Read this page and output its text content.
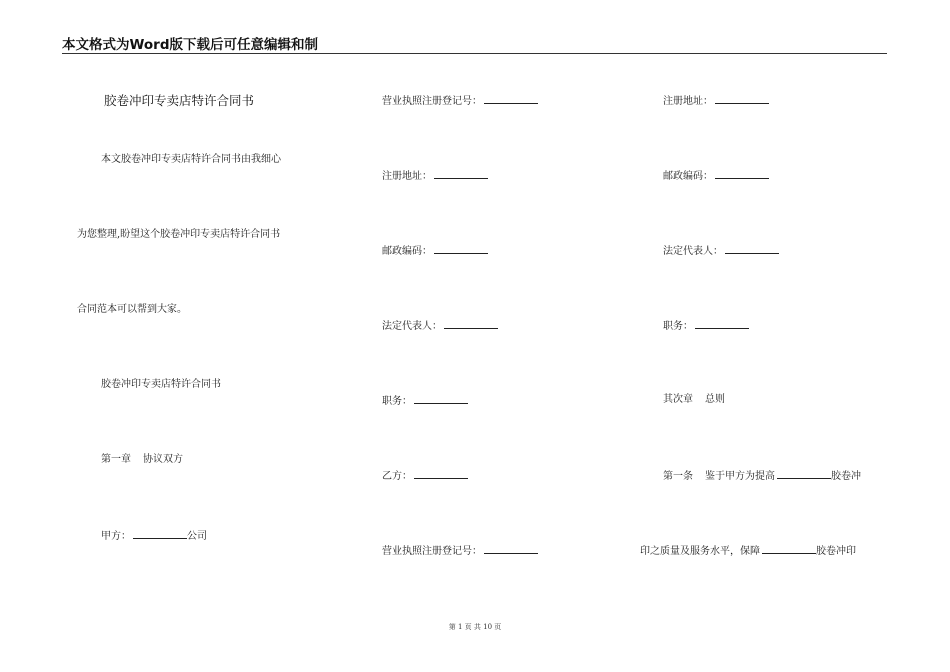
本文格式为Word版下载后可任意编辑和制
胶卷冲印专卖店特许合同书
本文胶卷冲印专卖店特许合同书由我细心
为您整理,盼望这个胶卷冲印专卖店特许合同书
合同范本可以帮到大家。
胶卷冲印专卖店特许合同书
第一章 协议双方
甲方：	公司
营业执照注册登记号：
注册地址：
邮政编码：
法定代表人：
职务：
乙方：
营业执照注册登记号：
注册地址：
邮政编码：
法定代表人：
职务：
其次章 总则
第一条 鉴于甲方为提高	胶卷冲
印之质量及服务水平，保障	胶卷冲印
第 1 页 共 10 页
